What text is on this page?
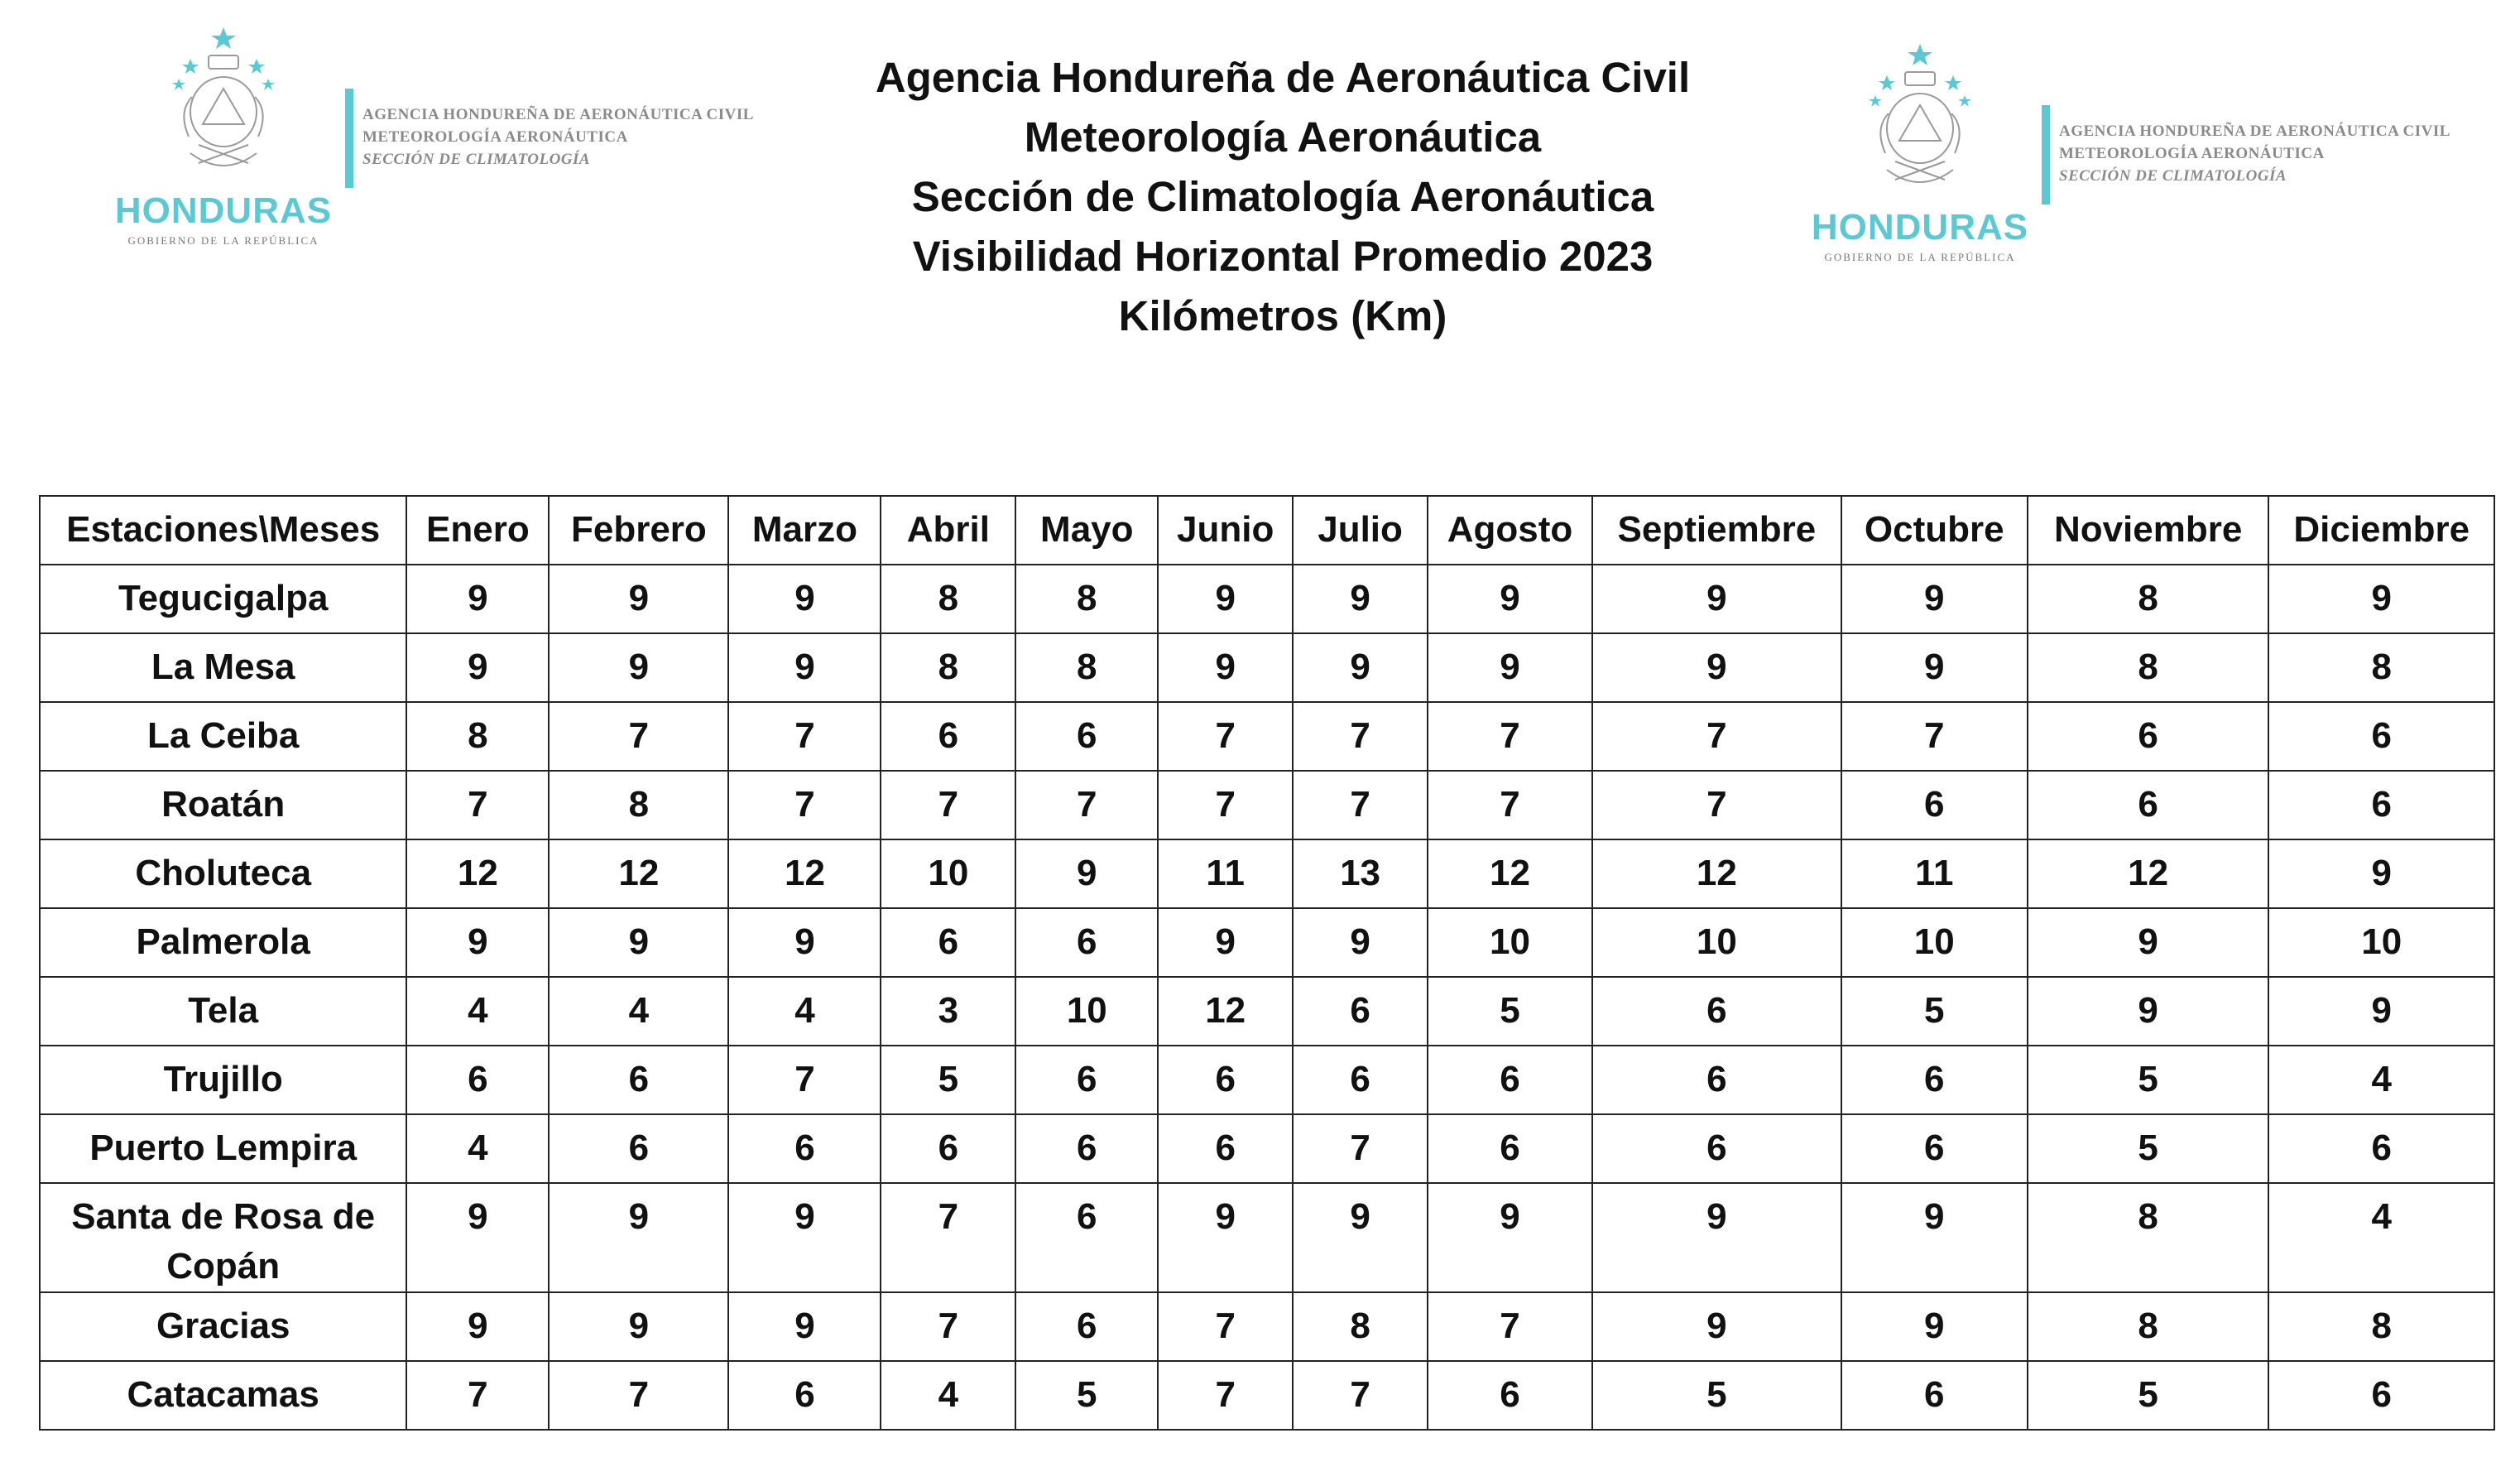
HONDURAS
GOBIERNO DE LA REPÚBLICA
AGENCIA HONDUREÑA DE AERONÁUTICA CIVIL
METEOROLOGÍA AERONÁUTICA
SECCIÓN DE CLIMATOLOGÍA
Agencia Hondureña de Aeronáutica Civil
Meteorología Aeronáutica
Sección de Climatología Aeronáutica
Visibilidad Horizontal Promedio 2023
Kilómetros (Km)
HONDURAS
GOBIERNO DE LA REPÚBLICA
AGENCIA HONDUREÑA DE AERONÁUTICA CIVIL
METEOROLOGÍA AERONÁUTICA
SECCIÓN DE CLIMATOLOGÍA
Estaciones\Meses	Enero	Febrero	Marzo	Abril	Mayo	Junio	Julio	Agosto	Septiembre	Octubre	Noviembre	Diciembre
Tegucigalpa	9	9	9	8	8	9	9	9	9	9	8	9
La Mesa	9	9	9	8	8	9	9	9	9	9	8	8
La Ceiba	8	7	7	6	6	7	7	7	7	7	6	6
Roatán	7	8	7	7	7	7	7	7	7	6	6	6
Choluteca	12	12	12	10	9	11	13	12	12	11	12	9
Palmerola	9	9	9	6	6	9	9	10	10	10	9	10
Tela	4	4	4	3	10	12	6	5	6	5	9	9
Trujillo	6	6	7	5	6	6	6	6	6	6	5	4
Puerto Lempira	4	6	6	6	6	6	7	6	6	6	5	6
Santa de Rosa de Copán	9	9	9	7	6	9	9	9	9	9	8	4
Gracias	9	9	9	7	6	7	8	7	9	9	8	8
Catacamas	7	7	6	4	5	7	7	6	5	6	5	6
